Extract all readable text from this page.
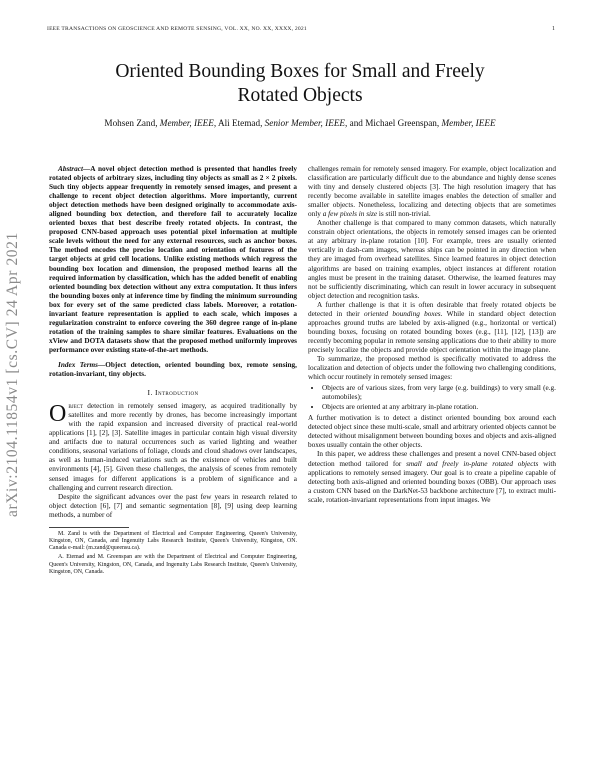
IEEE TRANSACTIONS ON GEOSCIENCE AND REMOTE SENSING, VOL. XX, NO. XX, XXXX, 2021	1
arXiv:2104.11854v1 [cs.CV] 24 Apr 2021
Oriented Bounding Boxes for Small and Freely
Rotated Objects
Mohsen Zand, Member, IEEE, Ali Etemad, Senior Member, IEEE, and Michael Greenspan, Member, IEEE

Abstract—A novel object detection method is presented that handles freely rotated objects of arbitrary sizes, including tiny objects as small as 2 × 2 pixels. Such tiny objects appear frequently in remotely sensed images, and present a challenge to recent object detection algorithms. More importantly, current object detection methods have been designed originally to accommodate axis-aligned bounding box detection, and therefore fail to accurately localize oriented boxes that best describe freely rotated objects. In contrast, the proposed CNN-based approach uses potential pixel information at multiple scale levels without the need for any external resources, such as anchor boxes. The method encodes the precise location and orientation of features of the target objects at grid cell locations. Unlike existing methods which regress the bounding box location and dimension, the proposed method learns all the required information by classification, which has the added benefit of enabling oriented bounding box detection without any extra computation. It thus infers the bounding boxes only at inference time by finding the minimum surrounding box for every set of the same predicted class labels. Moreover, a rotation-invariant feature representation is applied to each scale, which imposes a regularization constraint to enforce covering the 360 degree range of in-plane rotation of the training samples to share similar features. Evaluations on the xView and DOTA datasets show that the proposed method uniformly improves performance over existing state-of-the-art methods.

Index Terms—Object detection, oriented bounding box, remote sensing, rotation-invariant, tiny objects.

I. Introduction

Object detection in remotely sensed imagery, as acquired traditionally by satellites and more recently by drones, has become increasingly important with the rapid expansion and increased diversity of practical real-world applications [1], [2], [3]. Satellite images in particular contain high visual diversity and artifacts due to natural occurrences such as varied lighting and weather conditions, seasonal variations of foliage, clouds and cloud shadows over landscapes, as well as human-induced variations such as the existence of vehicles and built environments [4], [5]. Given these challenges, the analysis of scenes from remotely sensed images for different applications is a problem of significance and a challenging and current research direction.

Despite the significant advances over the past few years in research related to object detection [6], [7] and semantic segmentation [8], [9] using deep learning methods, a number of

M. Zand is with the Department of Electrical and Computer Engineering, Queen's University, Kingston, ON, Canada, and Ingenuity Labs Research Institute, Queen's University, Kingston, ON. Canada e-mail: (m.zand@queensu.ca).

A. Etemad and M. Greenspan are with the Department of Electrical and Computer Engineering, Queen's University, Kingston, ON, Canada, and Ingenuity Labs Research Institute, Queen's University, Kingston, ON, Canada.

challenges remain for remotely sensed imagery. For example, object localization and classification are particularly difficult due to the abundance and highly dense scenes with tiny and densely clustered objects [3]. The high resolution imagery that has recently become available in satellite images enables the detection of smaller and smaller objects. Nonetheless, localizing and detecting objects that are sometimes only a few pixels in size is still non-trivial.

Another challenge is that compared to many common datasets, which naturally constrain object orientations, the objects in remotely sensed images can be oriented at any arbitrary in-plane rotation [10]. For example, trees are usually oriented vertically in dash-cam images, whereas ships can be pointed in any direction when they are imaged from overhead satellites. Since learned features in object detection algorithms are based on training examples, object instances at different rotation angles must be present in the training dataset. Otherwise, the learned features may not be sufficiently discriminating, which can result in lower accuracy in subsequent object detection and recognition tasks.

A further challenge is that it is often desirable that freely rotated objects be detected in their oriented bounding boxes. While in standard object detection approaches ground truths are labeled by axis-aligned (e.g., horizontal or vertical) bounding boxes, focusing on rotated bounding boxes (e.g., [11], [12], [13]) are recently becoming popular in remote sensing applications due to their ability to more precisely localize the objects and provide object orientation within the image plane.

To summarize, the proposed method is specifically motivated to address the localization and detection of objects under the following two challenging conditions, which occur routinely in remotely sensed images:

• Objects are of various sizes, from very large (e.g. buildings) to very small (e.g. automobiles);
• Objects are oriented at any arbitrary in-plane rotation.

A further motivation is to detect a distinct oriented bounding box around each detected object since these multi-scale, small and arbitrary oriented objects cannot be detected without misalignment between bounding boxes and objects and axis-aligned boxes usually contain the other objects.

In this paper, we address these challenges and present a novel CNN-based object detection method tailored for small and freely in-plane rotated objects with applications to remotely sensed imagery. Our goal is to create a pipeline capable of detecting both axis-aligned and oriented bounding boxes (OBB). Our approach uses a custom CNN based on the DarkNet-53 backbone architecture [7], to extract multi-scale, rotation-invariant representations from input images. We
